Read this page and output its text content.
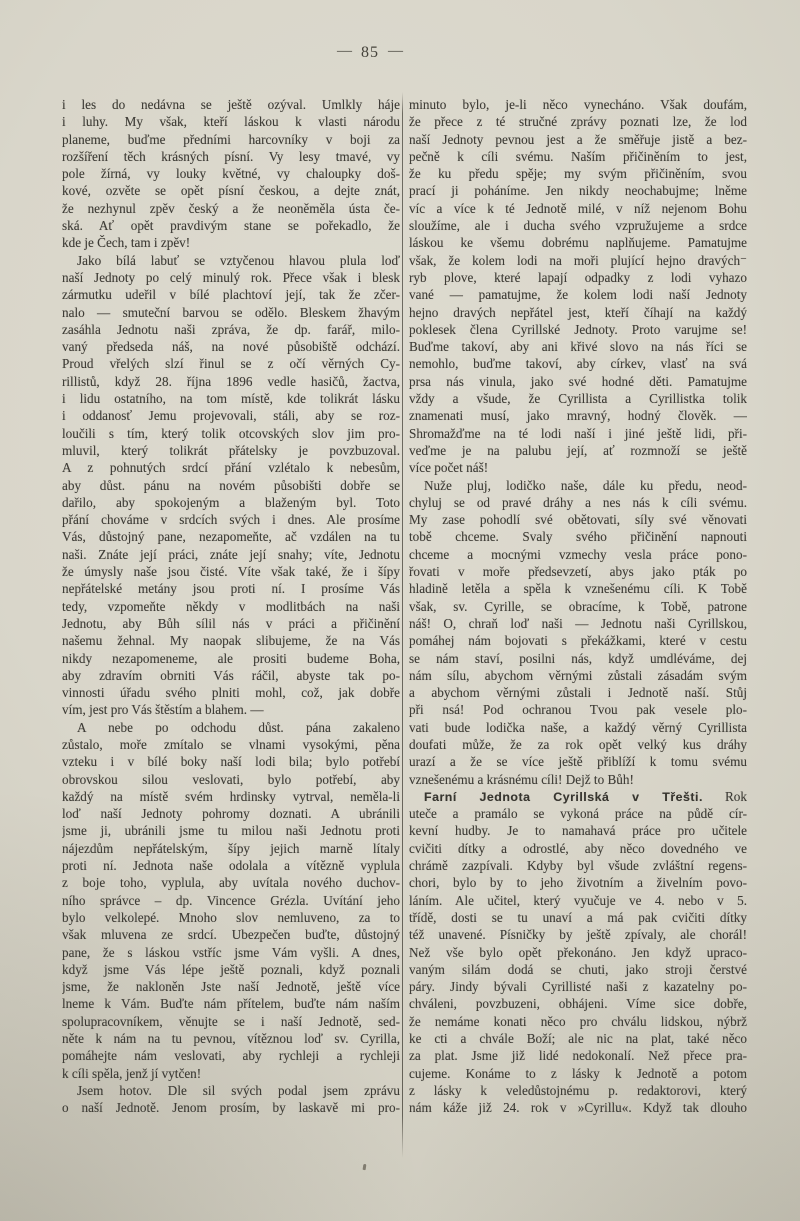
— 85 —
i les do nedávna se ještě ozýval. Umlkly háje
i luhy. My však, kteří láskou k vlasti národu
planeme, buďme předními harcovníky v boji za
rozšíření těch krásných písní. Vy lesy tmavé, vy
pole žírná, vy louky květné, vy chaloupky doš-
kové, ozvěte se opět písní českou, a dejte znát,
že nezhynul zpěv český a že neoněměla ústa če-
ská. Ať opět pravdivým stane se pořekadlo, že
kde je Čech, tam i zpěv!
Jako bílá labuť se vztyčenou hlavou plula loď
naší Jednoty po celý minulý rok. Přece však i blesk
zármutku udeřil v bílé plachtoví její, tak že zčer-
nalo — smuteční barvou se odělo. Bleskem žhavým
zasáhla Jednotu naši zpráva, že dp. farář, milo-
vaný předseda náš, na nové působiště odchází.
Proud vřelých slzí řinul se z očí věrných Cy-
rillistů, když 28. října 1896 vedle hasičů, žactva,
i lidu ostatního, na tom místě, kde tolikrát lásku
i oddanosť Jemu projevovali, stáli, aby se roz-
loučili s tím, který tolik otcovských slov jim pro-
mluvil, který tolikrát přátelsky je povzbuzoval.
A z pohnutých srdcí přání vzlétalo k nebesům,
aby důst. pánu na novém působišti dobře se
dařilo, aby spokojeným a blaženým byl. Toto
přání chováme v srdcích svých i dnes. Ale prosíme
Vás, důstojný pane, nezapomeňte, ač vzdálen na tu
naši. Znáte její práci, znáte její snahy; víte, Jednotu
že úmysly naše jsou čisté. Víte však také, že i šípy
nepřátelské metány jsou proti ní. I prosíme Vás
tedy, vzpomeňte někdy v modlitbách na naši
Jednotu, aby Bůh sílil nás v práci a přičinění
našemu žehnal. My naopak slibujeme, že na Vás
nikdy nezapomeneme, ale prositi budeme Boha,
aby zdravím obrniti Vás ráčil, abyste tak po-
vinnosti úřadu svého plniti mohl, což, jak dobře
vím, jest pro Vás štěstím a blahem. —
A nebe po odchodu důst. pána zakaleno
zůstalo, moře zmítalo se vlnami vysokými, pěna
vzteku i v bílé boky naší lodi bila; bylo potřebí
obrovskou silou veslovati, bylo potřebí, aby
každý na místě svém hrdinsky vytrval, neměla-li
loď naší Jednoty pohromy doznati. A ubránili
jsme ji, ubránili jsme tu milou naši Jednotu proti
nájezdům nepřátelským, šípy jejich marně lítaly
proti ní. Jednota naše odolala a vítězně vyplula
z boje toho, vyplula, aby uvítala nového duchov-
ního správce – dp. Vincence Grézla. Uvítání jeho
bylo velkolepé. Mnoho slov nemluveno, za to
však mluvena ze srdcí. Ubezpečen buďte, důstojný
pane, že s láskou vstříc jsme Vám vyšli. A dnes,
když jsme Vás lépe ještě poznali, když poznali
jsme, že nakloněn Jste naší Jednotě, ještě více
lneme k Vám. Buďte nám přítelem, buďte nám naším
spolupracovníkem, věnujte se i naší Jednotě, sed-
něte k nám na tu pevnou, vítěznou loď sv. Cyrilla,
pomáhejte nám veslovati, aby rychleji a rychleji
k cíli spěla, jenž jí vytčen!
Jsem hotov. Dle sil svých podal jsem zprávu
o naší Jednotě. Jenom prosím, by laskavě mi pro-
minuto bylo, je-li něco vynecháno. Však doufám,
že přece z té stručné zprávy poznati lze, že lod
naší Jednoty pevnou jest a že směřuje jistě a bez-
pečně k cíli svému. Naším přičiněním to jest,
že ku předu spěje; my svým přičiněním, svou
prací ji poháníme. Jen nikdy neochabujme; lněme
víc a více k té Jednotě milé, v níž nejenom Bohu
sloužíme, ale i ducha svého vzpružujeme a srdce
láskou ke všemu dobrému naplňujeme. Pamatujme
však, že kolem lodi na moři plující hejno dravých⁻
ryb plove, které lapají odpadky z lodi vyhazo
vané — pamatujme, že kolem lodi naší Jednoty
hejno dravých nepřátel jest, kteří číhají na každý
poklesek člena Cyrillské Jednoty. Proto varujme se!
Buďme takoví, aby ani křivé slovo na nás říci se
nemohlo, buďme takoví, aby církev, vlasť na svá
prsa nás vinula, jako své hodné děti. Pamatujme
vždy a všude, že Cyrillista a Cyrillistka tolik
znamenati musí, jako mravný, hodný člověk. —
Shromažďme na té lodi naší i jiné ještě lidi, při-
veďme je na palubu její, ať rozmnoží se ještě
více počet náš!
Nuže pluj, lodičko naše, dále ku předu, neod-
chyluj se od pravé dráhy a nes nás k cíli svému.
My zase pohodlí své obětovati, síly své věnovati
tobě chceme. Svaly svého přičinění napnouti
chceme a mocnými vzmechy vesla práce pono-
řovati v moře předsevzetí, abys jako pták po
hladině letěla a spěla k vznešenému cíli. K Tobě
však, sv. Cyrille, se obracíme, k Tobě, patrone
náš! O, chraň loď naši — Jednotu naši Cyrillskou,
pomáhej nám bojovati s překážkami, které v cestu
se nám staví, posilni nás, když umdléváme, dej
nám sílu, abychom věrnými zůstali zásadám svým
a abychom věrnými zůstali i Jednotě naší. Stůj
při nsá! Pod ochranou Tvou pak vesele plo-
vati bude lodička naše, a každý věrný Cyrillista
doufati může, že za rok opět velký kus dráhy
urazí a že se více ještě přiblíží k tomu svému
vznešenému a krásnému cíli! Dejž to Bůh!
Farní Jednota Cyrillská v Třešti. Rok
uteče a pramálo se vykoná práce na půdě cír-
kevní hudby. Je to namahavá práce pro učitele
cvičiti dítky a odrostlé, aby něco dovedného ve
chrámě zazpívali. Kdyby byl všude zvláštní regens-
chori, bylo by to jeho životním a živelním povo-
láním. Ale učitel, který vyučuje ve 4. nebo v 5.
třídě, dosti se tu unaví a má pak cvičiti dítky
též unavené. Písničky by ještě zpívaly, ale chorál!
Než vše bylo opět překonáno. Jen když upraco-
vaným silám dodá se chuti, jako stroji čerstvé
páry. Jindy bývali Cyrillisté naši z kazatelny po-
chváleni, povzbuzeni, obhájeni. Víme sice dobře,
že nemáme konati něco pro chválu lidskou, nýbrž
ke cti a chvále Boží; ale nic na plat, také něco
za plat. Jsme již lidé nedokonalí. Než přece pra-
cujeme. Konáme to z lásky k Jednotě a potom
z lásky k veledůstojnému p. redaktorovi, který
nám káže již 24. rok v »Cyrillu«. Když tak dlouho
